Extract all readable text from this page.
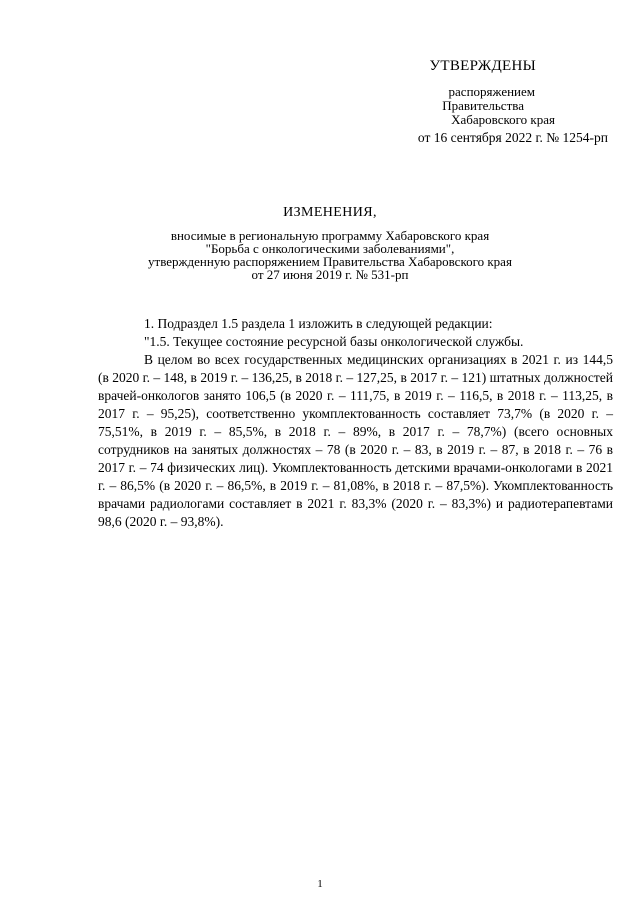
УТВЕРЖДЕНЫ
распоряжением
Правительства
Хабаровского края
от 16 сентября 2022 г. № 1254-рп
ИЗМЕНЕНИЯ,
вносимые в региональную программу Хабаровского края
"Борьба с онкологическими заболеваниями",
утвержденную распоряжением Правительства Хабаровского края
от 27 июня 2019 г. № 531-рп

1. Подраздел 1.5 раздела 1 изложить в следующей редакции:

"1.5. Текущее состояние ресурсной базы онкологической службы.

В целом во всех государственных медицинских организациях в 2021 г. из 144,5 (в 2020 г. – 148, в 2019 г. – 136,25, в 2018 г. – 127,25, в 2017 г. – 121) штатных должностей врачей-онкологов занято 106,5 (в 2020 г. – 111,75, в 2019 г. – 116,5, в 2018 г. – 113,25, в 2017 г. – 95,25), соответственно укомплектованность составляет 73,7% (в 2020 г. – 75,51%, в 2019 г. – 85,5%, в 2018 г. – 89%, в 2017 г. – 78,7%) (всего основных сотрудников на занятых должностях – 78 (в 2020 г. – 83, в 2019 г. – 87, в 2018 г. – 76 в 2017 г. – 74 физических лиц). Укомплектованность детскими врачами-онкологами в 2021 г. – 86,5% (в 2020 г. – 86,5%, в 2019 г. – 81,08%, в 2018 г. – 87,5%). Укомплектованность врачами радиологами составляет в 2021 г. 83,3% (2020 г. – 83,3%) и радиотерапевтами 98,6 (2020 г. – 93,8%).

1
